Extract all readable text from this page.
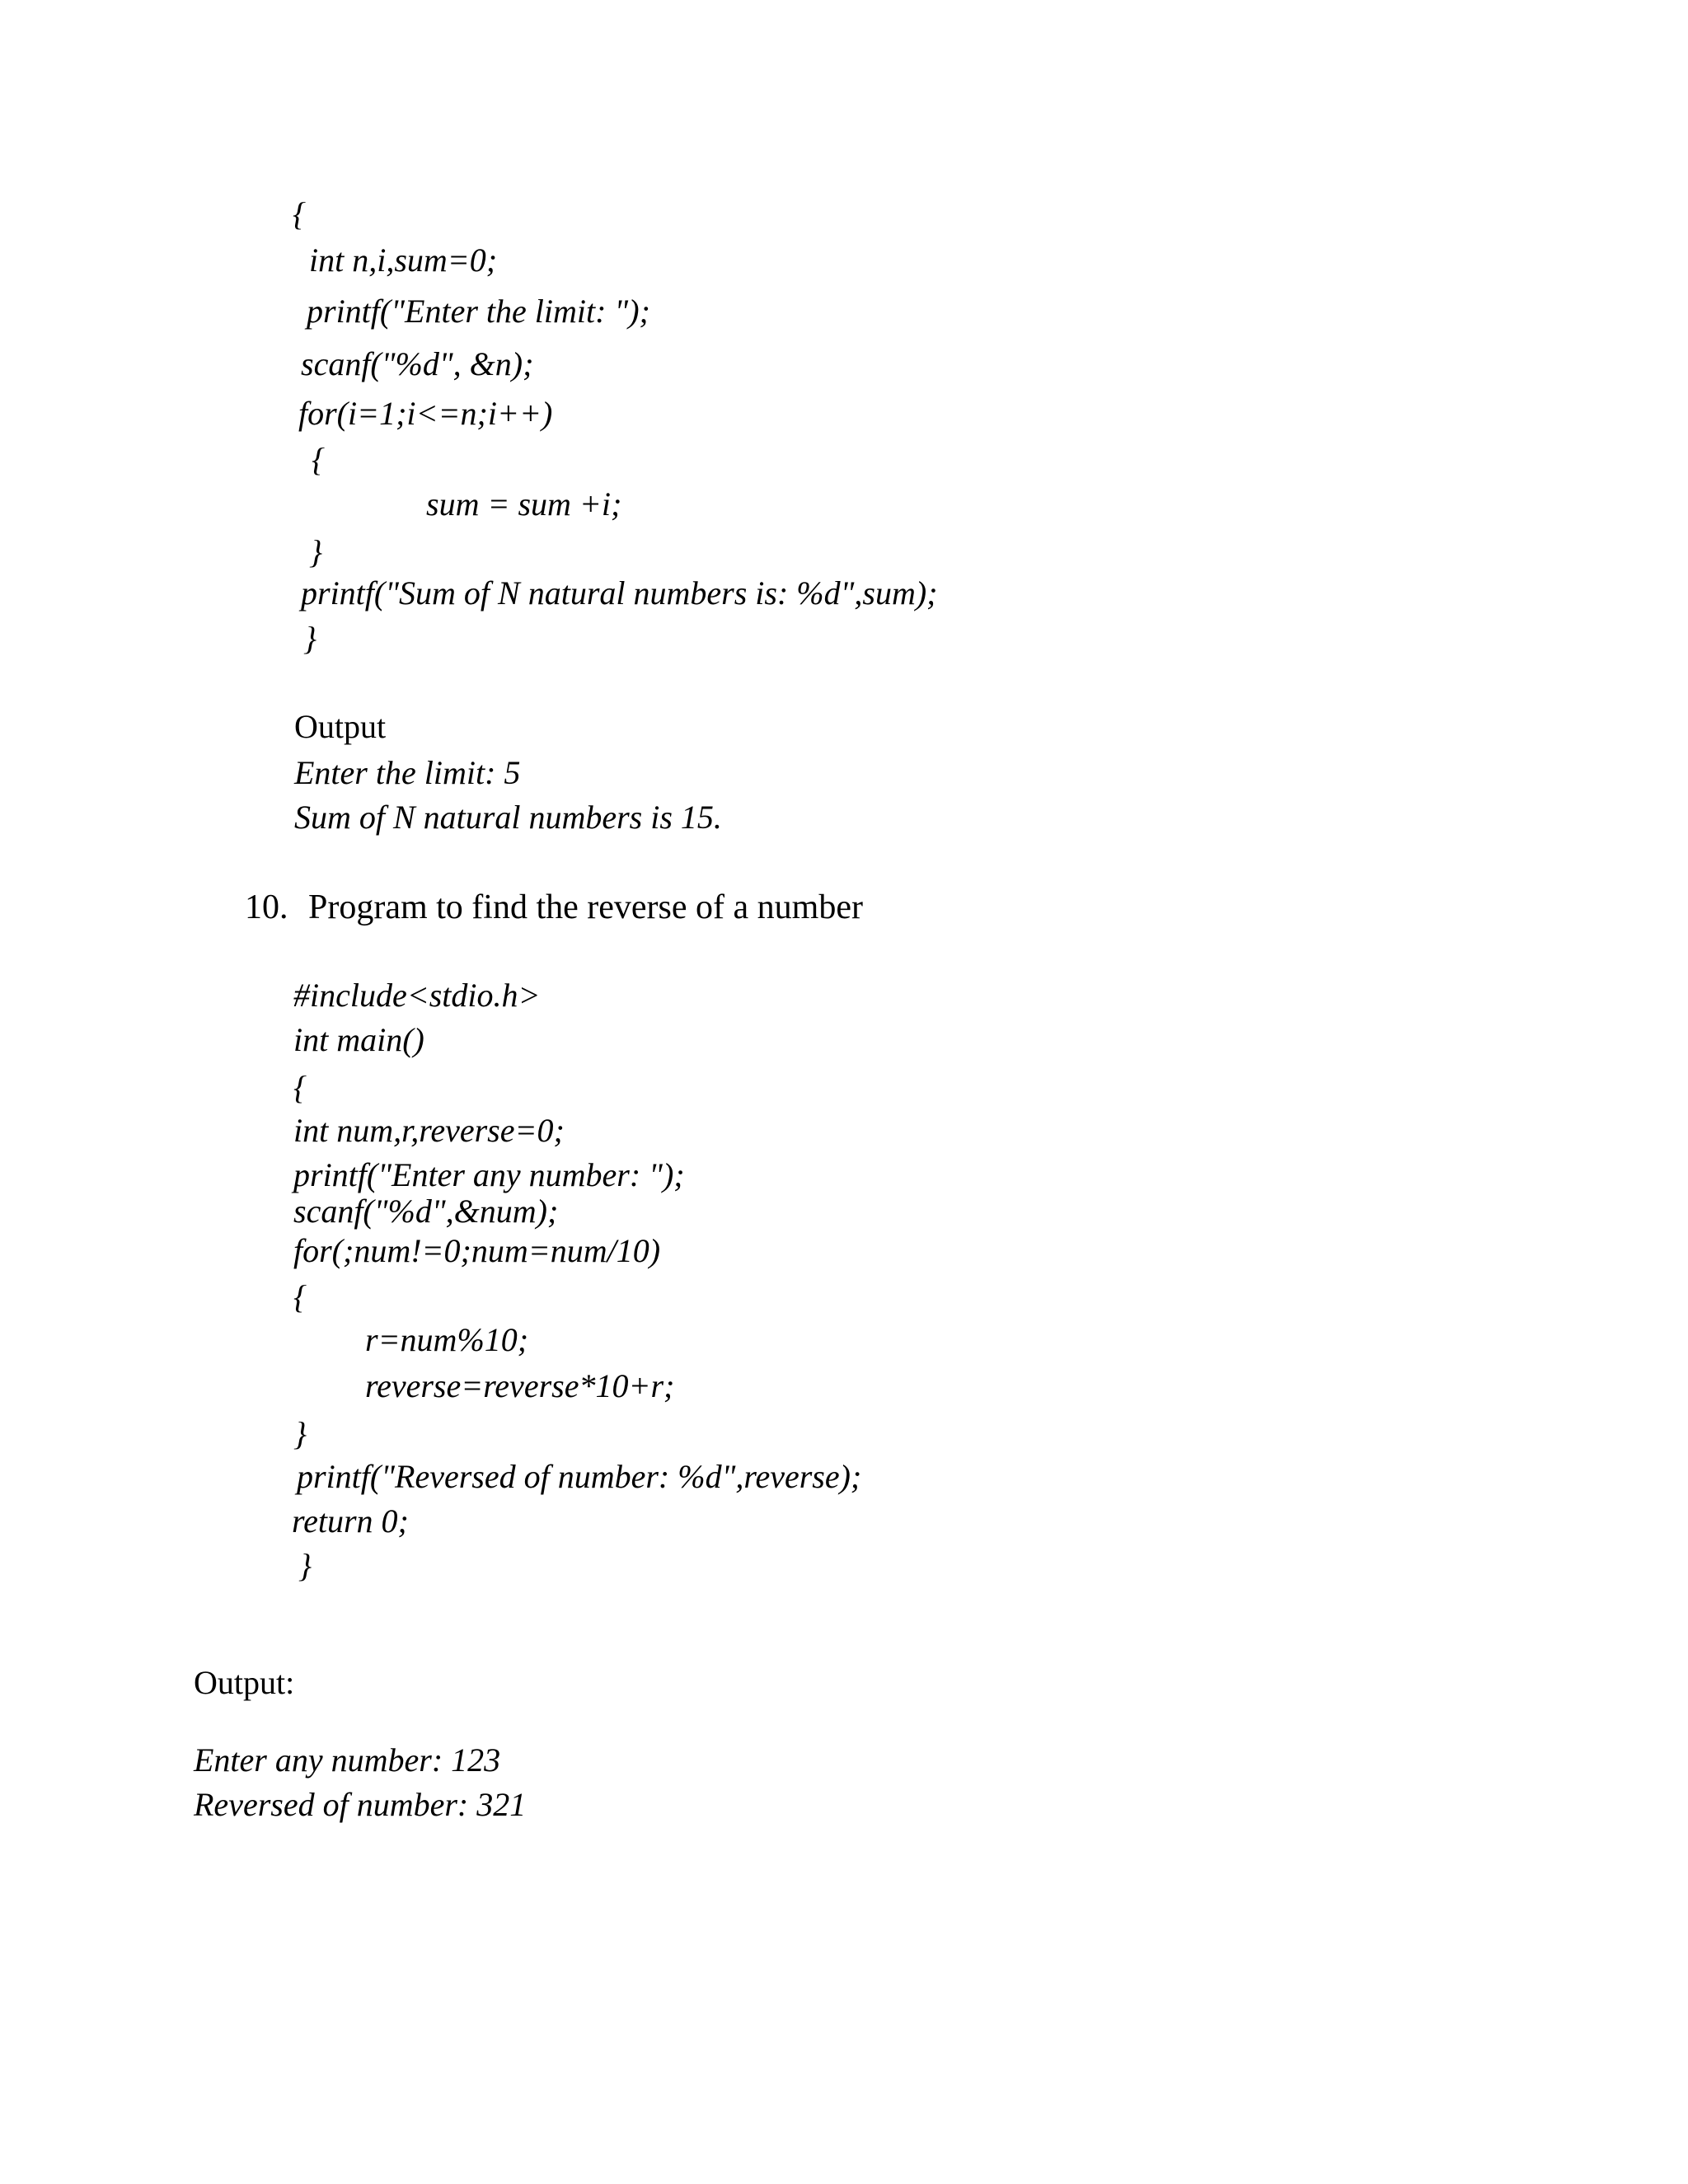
{
int n,i,sum=0;
printf("Enter the limit: ");
scanf("%d", &n);
for(i=1;i<=n;i++)
{
sum = sum +i;
}
printf("Sum of N natural numbers is: %d",sum);
}
Output
Enter the limit: 5
Sum of N natural numbers is 15.
10. Program to find the reverse of a number
#include<stdio.h>
int main()
{
int num,r,reverse=0;
printf("Enter any number: ");
scanf("%d",&num);
for(;num!=0;num=num/10)
{
r=num%10;
reverse=reverse*10+r;
}
printf("Reversed of number: %d",reverse);
return 0;
}
Output:
Enter any number: 123
Reversed of number: 321
